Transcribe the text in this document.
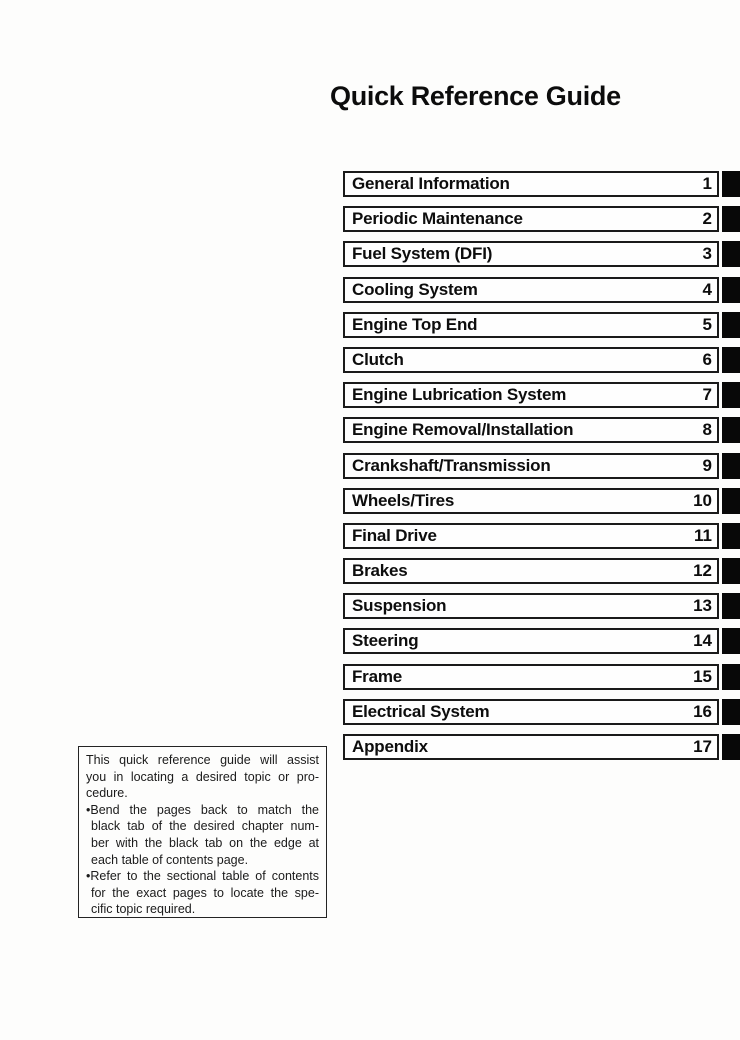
Quick Reference Guide
General Information	1
Periodic Maintenance	2
Fuel System (DFI)	3
Cooling System	4
Engine Top End	5
Clutch	6
Engine Lubrication System	7
Engine Removal/Installation	8
Crankshaft/Transmission	9
Wheels/Tires	10
Final Drive	11
Brakes	12
Suspension	13
Steering	14
Frame	15
Electrical System	16
Appendix	17
This quick reference guide will assist
you in locating a desired topic or pro-
cedure.
•Bend the pages back to match the
black tab of the desired chapter num-
ber with the black tab on the edge at
each table of contents page.
•Refer to the sectional table of contents
for the exact pages to locate the spe-
cific topic required.
